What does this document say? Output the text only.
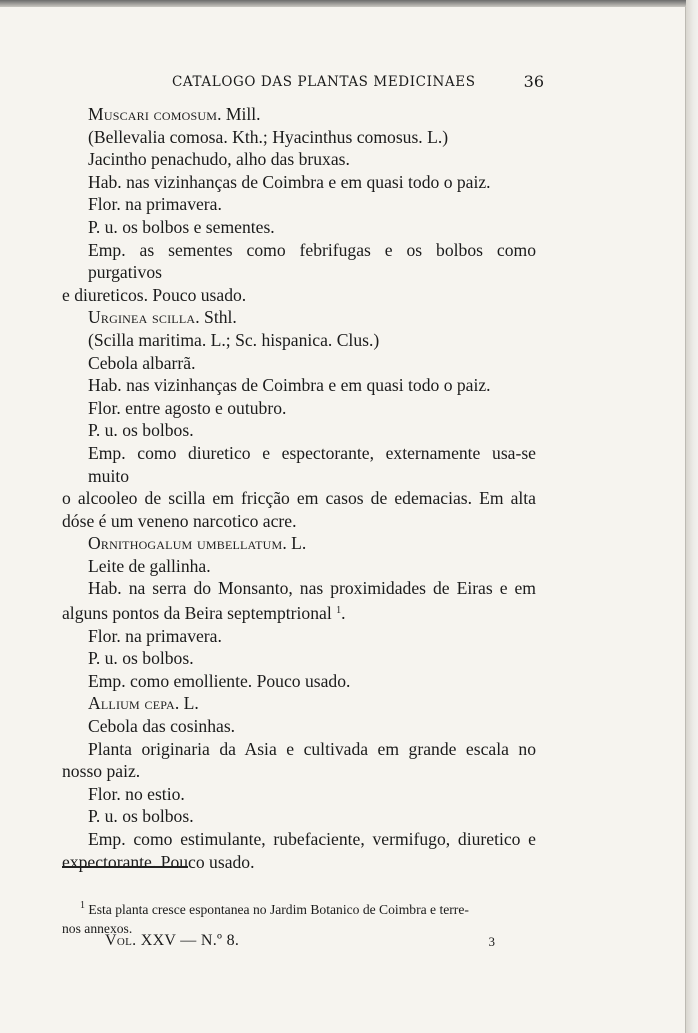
CATALOGO DAS PLANTAS MEDICINAES	36
Muscari comosum. Mill.
(Bellevalia comosa. Kth.; Hyacinthus comosus. L.)
Jacintho penachudo, alho das bruxas.
Hab. nas vizinhanças de Coimbra e em quasi todo o paiz.
Flor. na primavera.
P. u. os bolbos e sementes.
Emp. as sementes como febrifugas e os bolbos como purgativos
e diureticos. Pouco usado.
Urginea scilla. Sthl.
(Scilla maritima. L.; Sc. hispanica. Clus.)
Cebola albarrã.
Hab. nas vizinhanças de Coimbra e em quasi todo o paiz.
Flor. entre agosto e outubro.
P. u. os bolbos.
Emp. como diuretico e espectorante, externamente usa-se muito
o alcooleo de scilla em fricção em casos de edemacias. Em alta
dóse é um veneno narcotico acre.
Ornithogalum umbellatum. L.
Leite de gallinha.
Hab. na serra do Monsanto, nas proximidades de Eiras e em
alguns pontos da Beira septemptrional $^1$.
Flor. na primavera.
P. u. os bolbos.
Emp. como emolliente. Pouco usado.
Allium cepa. L.
Cebola das cosinhas.
Planta originaria da Asia e cultivada em grande escala no
nosso paiz.
Flor. no estio.
P. u. os bolbos.
Emp. como estimulante, rubefaciente, vermifugo, diuretico e
expectorante. Pouco usado.
$^1$ Esta planta cresce espontanea no Jardim Botanico de Coimbra e terre-
nos annexos.
Vol. XXV — N.º 8.	3
